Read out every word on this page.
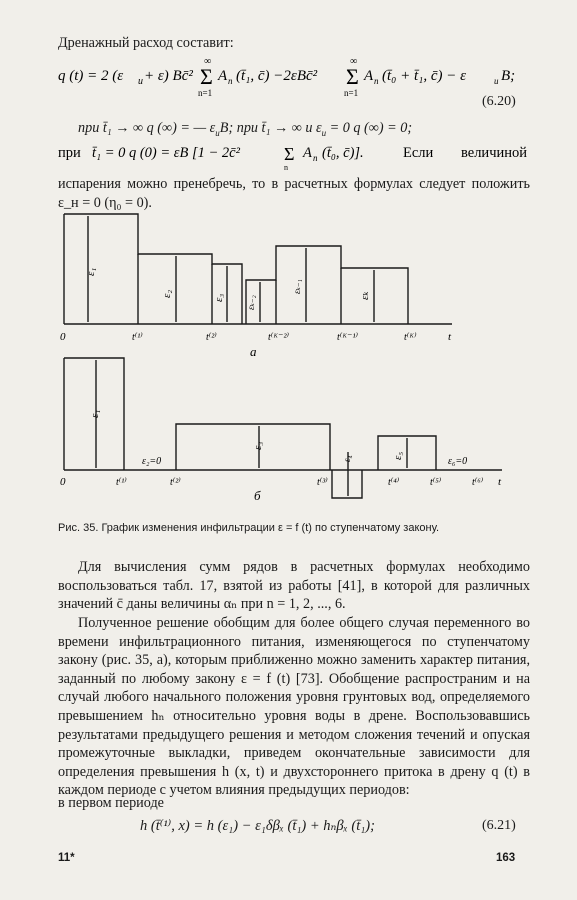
Дренажный расход составит:
q (t) = 2 (ε u + ε) Bc̄²
∞
Σ
n=1
A n (t̄₁, c̄) −2εBc̄²
∞
Σ
n=1
A n (t̄₀ + t̄₁, c̄) − ε	u B;
(6.20)
при t̄₁ → ∞ q (∞) = — $\varepsilon_uB$; при t̄₁ → ∞ и $\varepsilon_u = 0$ q (∞) = 0;
при t̄₁ = 0 q (0) = εB [1 − 2c̄² Σ
n
A n (t̄₀, c̄)].	Если величиной
испарения можно пренебречь, то в расчетных формулах следует положить ε_н = 0 (η₀ = 0).
ε₁
ε₂	ε₃ εₖ₋₂
εₖ₋₁
εₖ
0	t⁽¹⁾	t⁽²⁾	t⁽ᴷ⁻²⁾	t⁽ᴷ⁻¹⁾	t⁽ᴷ⁾	t
а
ε₁
ε₂=0
ε₃
ε₄	ε₅
ε₆=0
0	t⁽¹⁾	t⁽²⁾	t⁽³⁾	t⁽⁴⁾	t⁽⁵⁾	t⁽⁶⁾ t
б
Рис. 35. График изменения инфильтрации ε = f (t) по ступенчатому закону.
Для вычисления сумм рядов в расчетных формулах необходимо воспользоваться табл. 17, взятой из работы [41], в которой для различных значений c̄ даны величины αₙ при n = 1, 2, ..., 6.
Полученное решение обобщим для более общего случая переменного во времени инфильтрационного питания, изменяющегося по ступенчатому закону (рис. 35, а), которым приближенно можно заменить характер питания, заданный по любому закону ε = f (t) [73]. Обобщение распространим и на случай любого начального положения уровня грунтовых вод, определяемого превышением hₙ относительно уровня воды в дрене. Воспользовавшись результатами предыдущего решения и методом сложения течений и опуская промежуточные выкладки, приведем окончательные зависимости для определения превышения h (x, t) и двухстороннего притока в дрену q (t) в каждом периоде с учетом влияния предыдущих периодов:
в первом периоде
h (t̄⁽¹⁾, x) = h (ε₁) − ε₁δβₓ (t̄₁) + hₙβₓ (t̄₁);	(6.21)
11*	163
